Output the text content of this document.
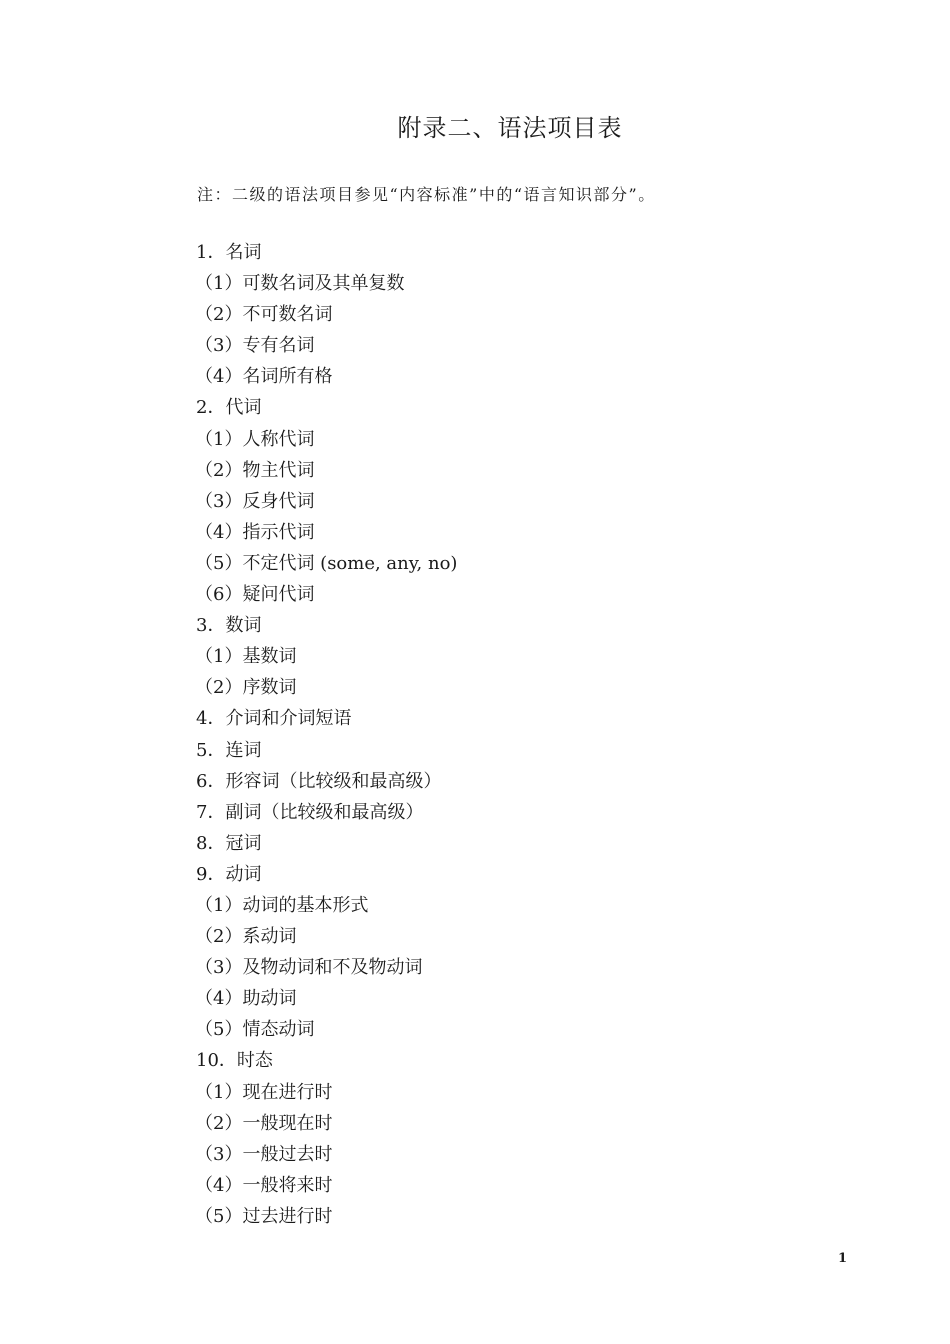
附录二、语法项目表
注：二级的语法项目参见“内容标准”中的“语言知识部分”。
1．名词
（1）可数名词及其单复数
（2）不可数名词
（3）专有名词
（4）名词所有格
2．代词
（1）人称代词
（2）物主代词
（3）反身代词
（4）指示代词
（5）不定代词 (some, any, no)
（6）疑问代词
3．数词
（1）基数词
（2）序数词
4．介词和介词短语
5．连词
6．形容词（比较级和最高级）
7．副词（比较级和最高级）
8．冠词
9．动词
（1）动词的基本形式
（2）系动词
（3）及物动词和不及物动词
（4）助动词
（5）情态动词
10．时态
（1）现在进行时
（2）一般现在时
（3）一般过去时
（4）一般将来时
（5）过去进行时
1
